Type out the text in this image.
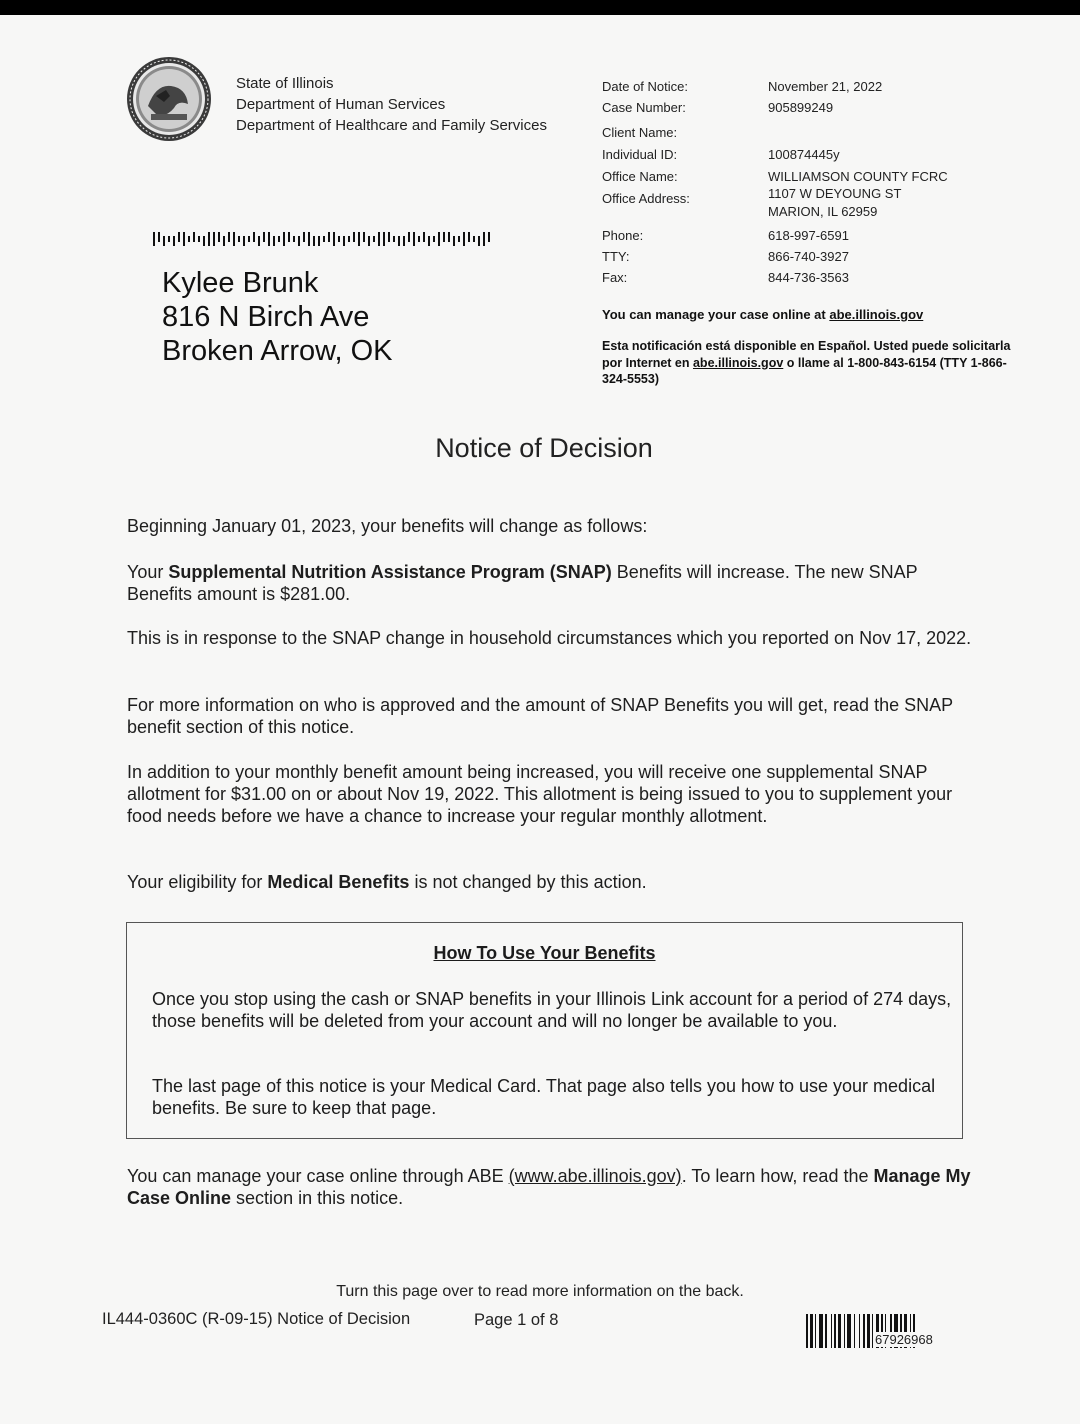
State of Illinois
Department of Human Services
Department of Healthcare and Family Services
Date of Notice:	November 21, 2022
Case Number:	905899249
Client Name:
Individual ID:	100874445у
Office Name:	WILLIAMSON COUNTY FCRC
Office Address:	1107 W DEYOUNG ST
MARION, IL 62959
Phone:	618-997-6591
TTY:	866-740-3927
Fax:	844-736-3563
Kylee Brunk
816 N Birch Ave
Broken Arrow, OK
You can manage your case online at abe.illinois.gov
Esta notificación está disponible en Español. Usted puede solicitarla por Internet en abe.illinois.gov o llame al 1-800-843-6154 (TTY 1-866-324-5553)
Notice of Decision
Beginning January 01, 2023, your benefits will change as follows:
Your Supplemental Nutrition Assistance Program (SNAP) Benefits will increase. The new SNAP Benefits amount is $281.00.
This is in response to the SNAP change in household circumstances which you reported on Nov 17, 2022.
For more information on who is approved and the amount of SNAP Benefits you will get, read the SNAP benefit section of this notice.
In addition to your monthly benefit amount being increased, you will receive one supplemental SNAP allotment for $31.00 on or about Nov 19, 2022. This allotment is being issued to you to supplement your food needs before we have a chance to increase your regular monthly allotment.
Your eligibility for Medical Benefits is not changed by this action.
How To Use Your Benefits
Once you stop using the cash or SNAP benefits in your Illinois Link account for a period of 274 days, those benefits will be deleted from your account and will no longer be available to you.
The last page of this notice is your Medical Card. That page also tells you how to use your medical benefits. Be sure to keep that page.
You can manage your case online through ABE (www.abe.illinois.gov). To learn how, read the Manage My Case Online section in this notice.
Turn this page over to read more information on the back.
IL444-0360C (R-09-15) Notice of Decision	Page 1 of 8
67926968
